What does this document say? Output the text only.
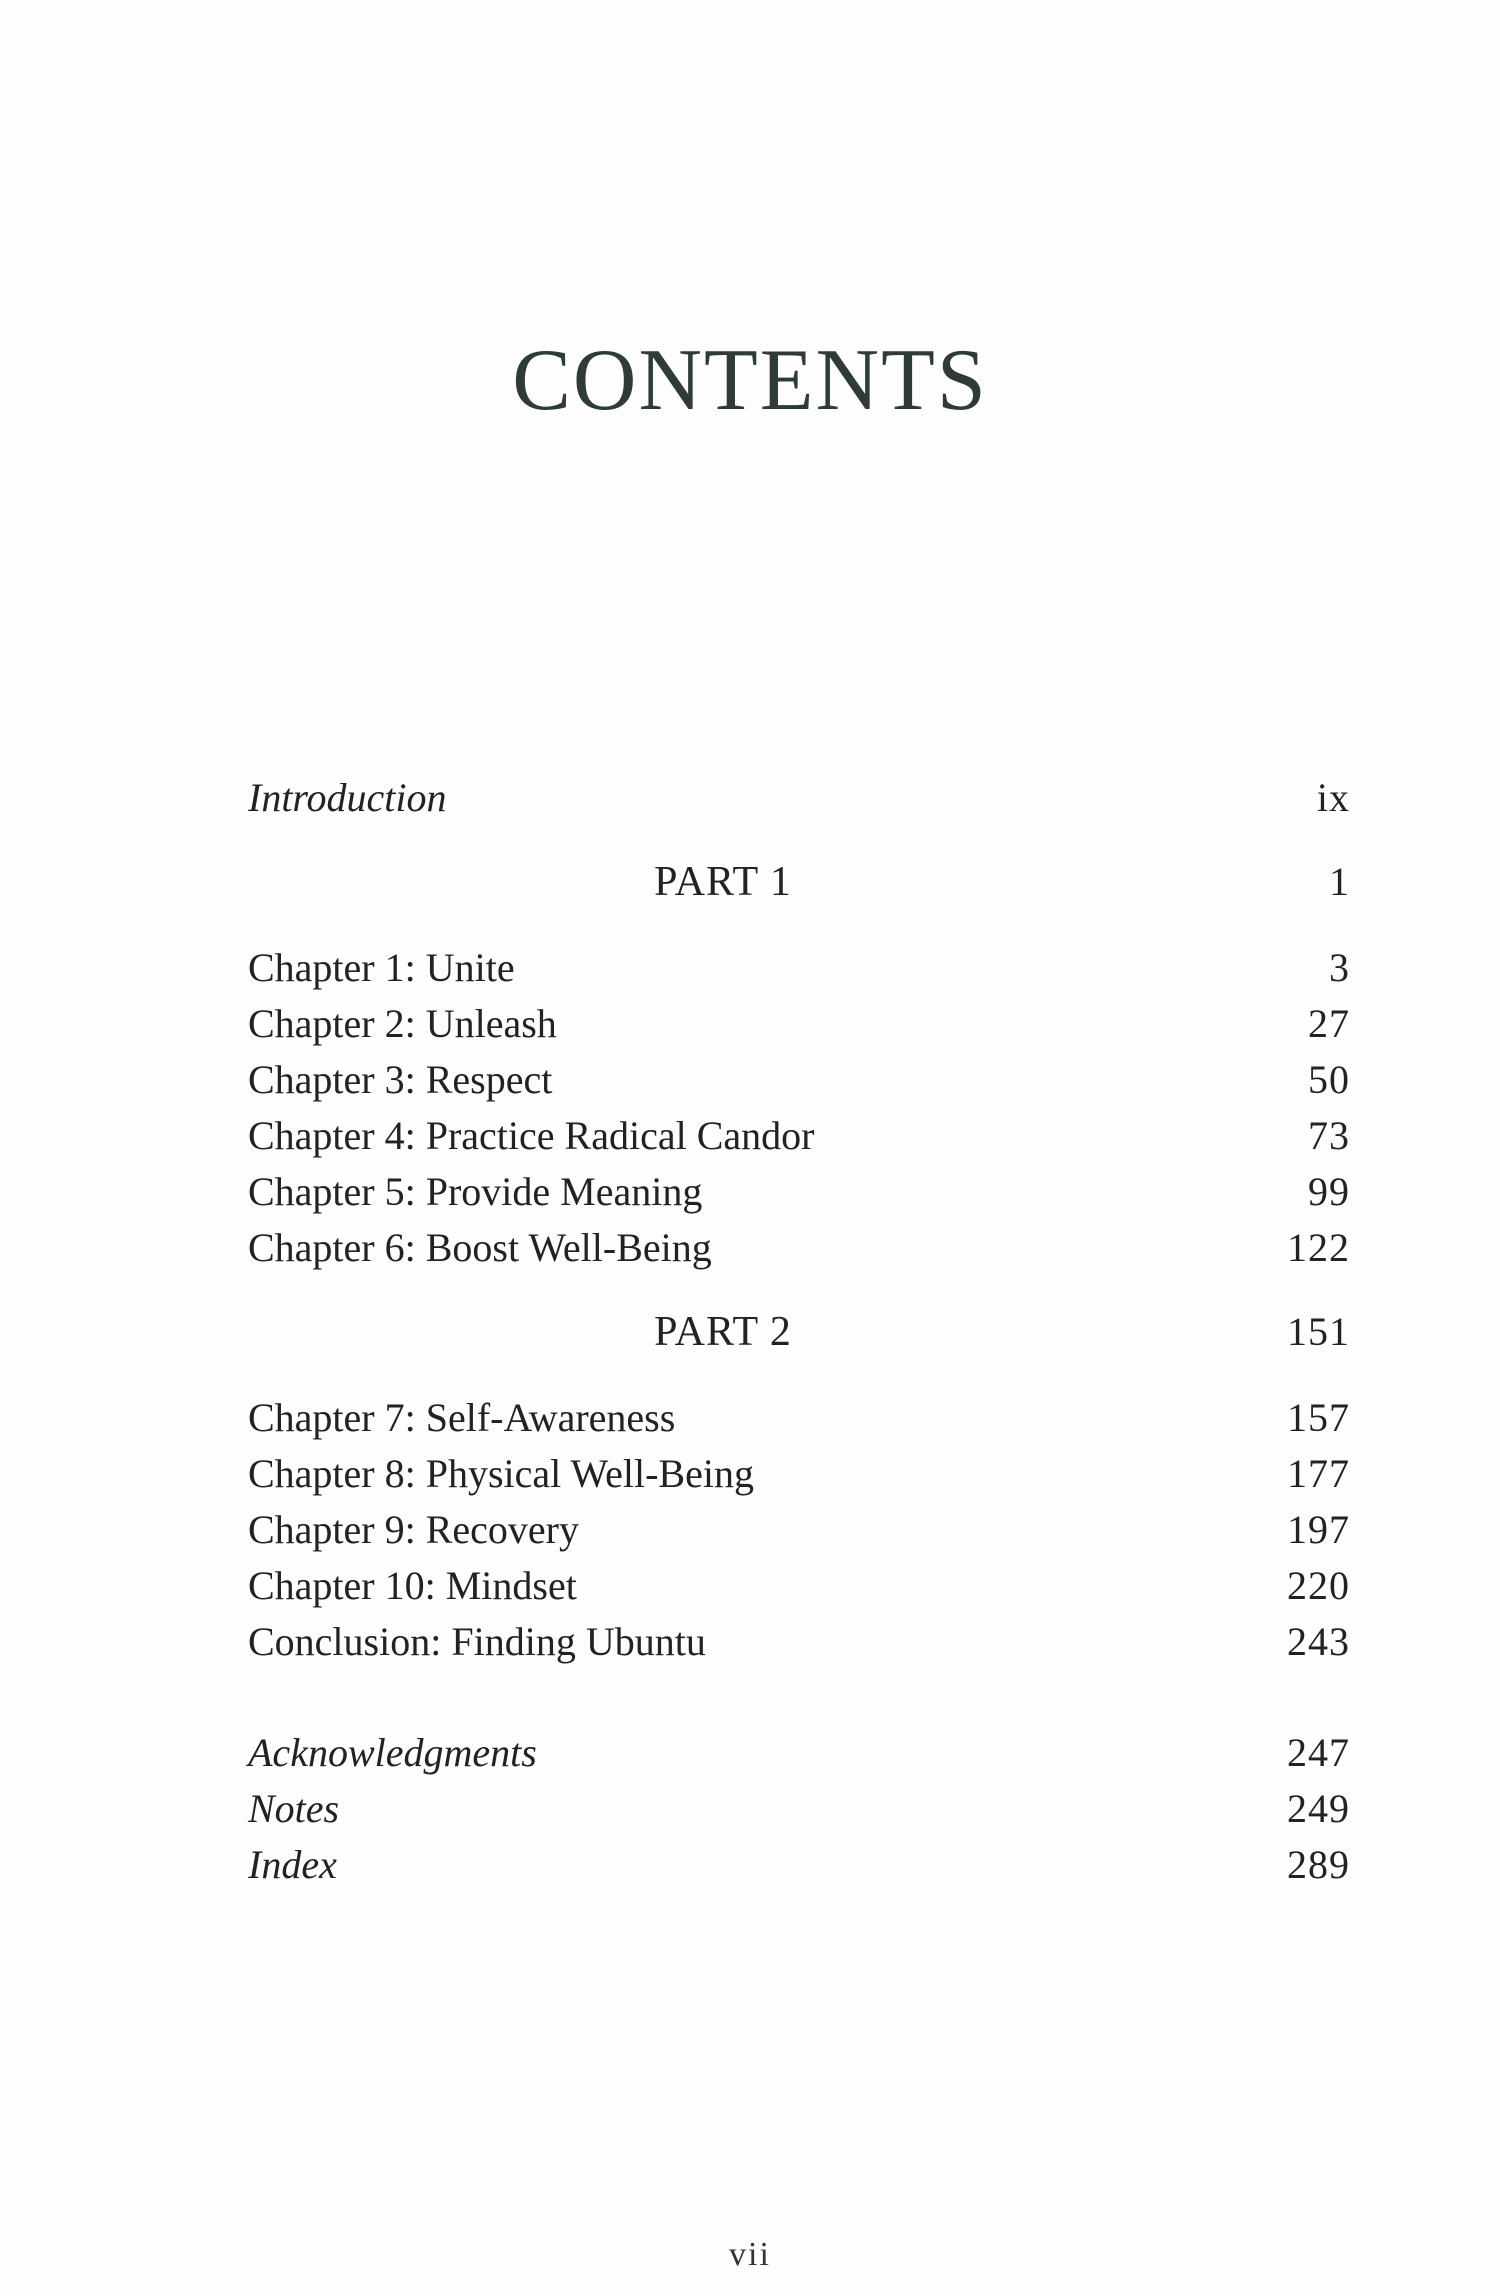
CONTENTS
Introduction	ix
PART 1	1
Chapter 1: Unite	3
Chapter 2: Unleash	27
Chapter 3: Respect	50
Chapter 4: Practice Radical Candor	73
Chapter 5: Provide Meaning	99
Chapter 6: Boost Well-Being	122
PART 2	151
Chapter 7: Self-Awareness	157
Chapter 8: Physical Well-Being	177
Chapter 9: Recovery	197
Chapter 10: Mindset	220
Conclusion: Finding Ubuntu	243
Acknowledgments	247
Notes	249
Index	289
vii
